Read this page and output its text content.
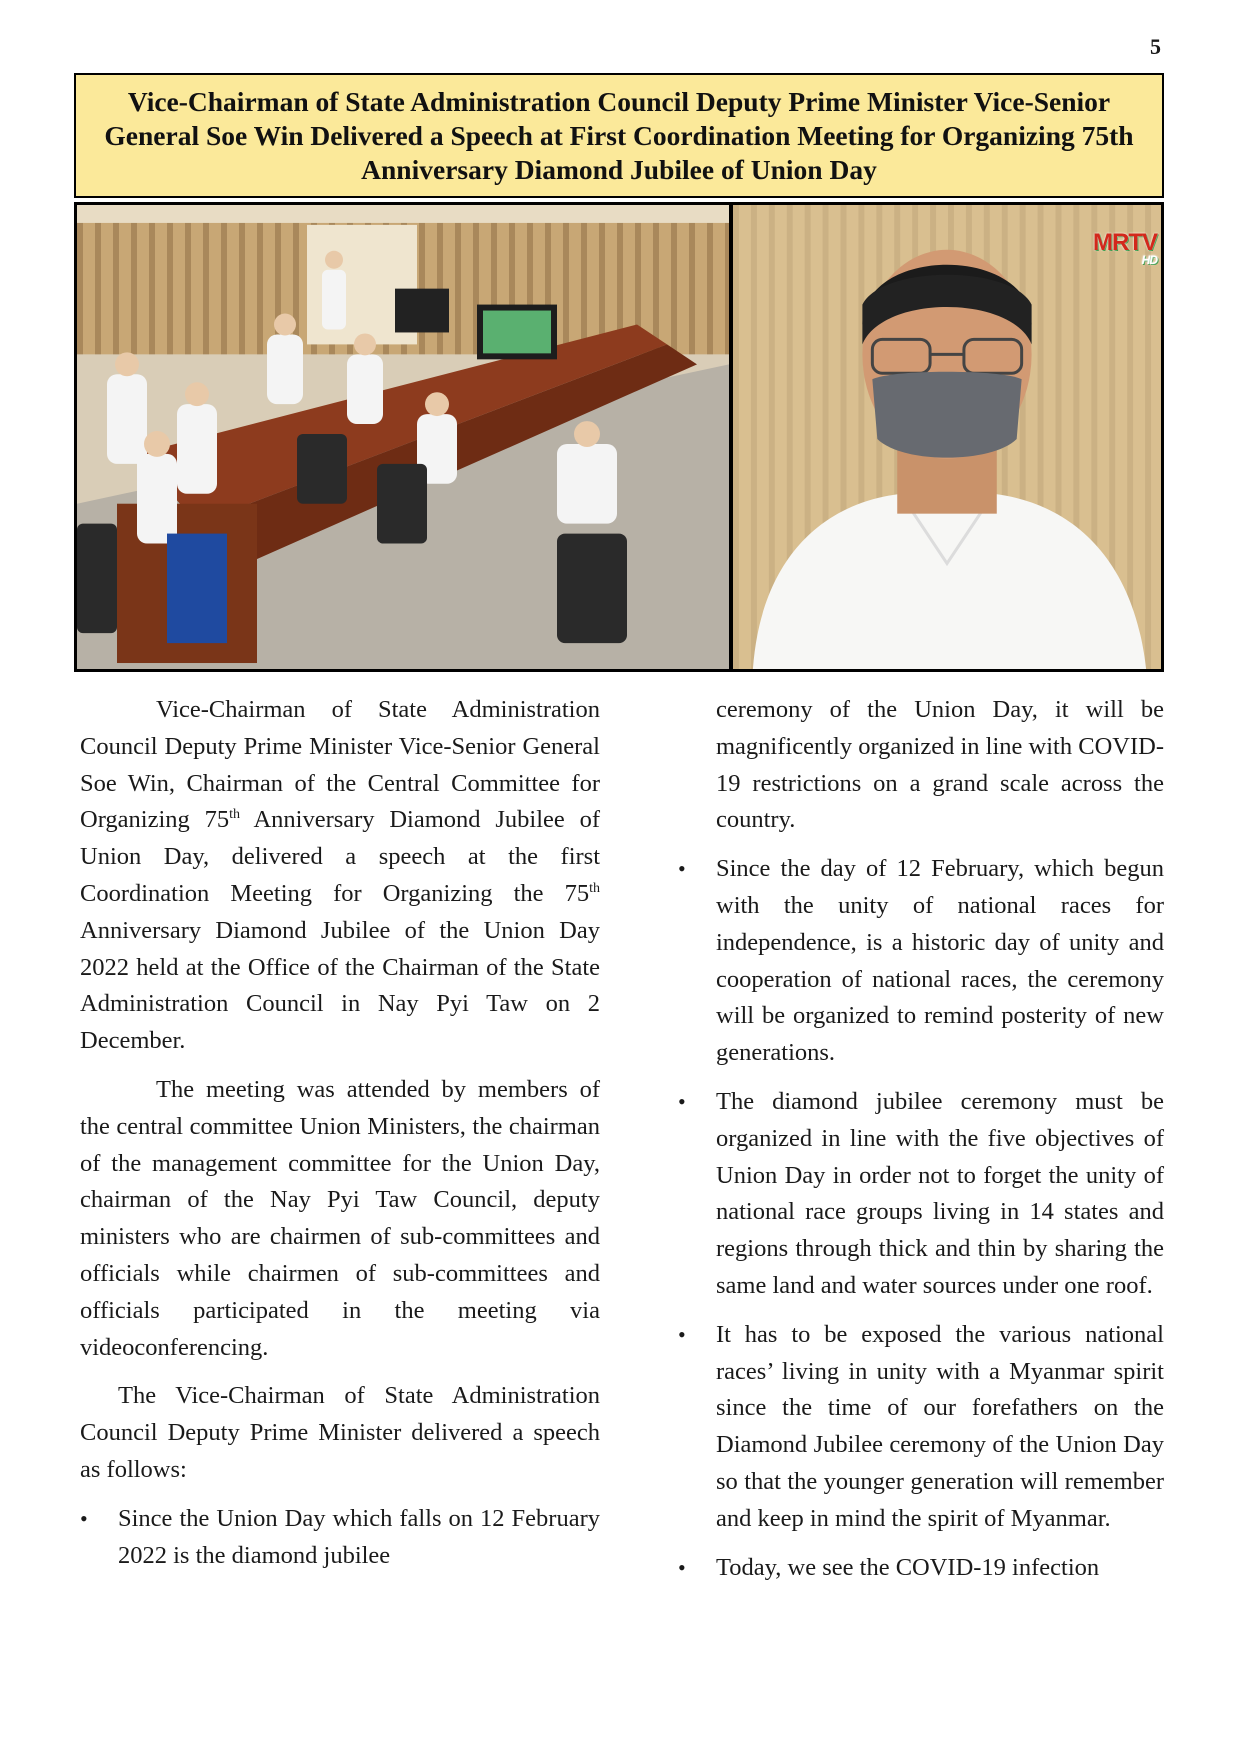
5
Vice-Chairman of State Administration Council Deputy Prime Minister Vice-Senior General Soe Win Delivered a Speech at First Coordination Meeting for Organizing 75th Anniversary Diamond Jubilee of Union Day
MRTV
HD

Vice-Chairman of State Administration Council Deputy Prime Minister Vice-Senior General Soe Win, Chairman of the Central Committee for Organizing 75th Anniversary Diamond Jubilee of Union Day, delivered a speech at the first Coordination Meeting for Organizing the 75th Anniversary Diamond Jubilee of the Union Day 2022 held at the Office of the Chairman of the State Administration Council in Nay Pyi Taw on 2 December.

The meeting was attended by members of the central committee Union Ministers, the chairman of the management committee for the Union Day, chairman of the Nay Pyi Taw Council, deputy ministers who are chairmen of sub-committees and officials while chairmen of sub-committees and officials participated in the meeting via videoconferencing.

The Vice-Chairman of State Administration Council Deputy Prime Minister delivered a speech as follows:

• Since the Union Day which falls on 12 February 2022 is the diamond jubilee

ceremony of the Union Day, it will be magnificently organized in line with COVID-19 restrictions on a grand scale across the country.

• Since the day of 12 February, which begun with the unity of national races for independence, is a historic day of unity and cooperation of national races, the ceremony will be organized to remind posterity of new generations.
• The diamond jubilee ceremony must be organized in line with the five objectives of Union Day in order not to forget the unity of national race groups living in 14 states and regions through thick and thin by sharing the same land and water sources under one roof.
• It has to be exposed the various national races’ living in unity with a Myanmar spirit since the time of our forefathers on the Diamond Jubilee ceremony of the Union Day so that the younger generation will remember and keep in mind the spirit of Myanmar.
• Today, we see the COVID-19 infection
